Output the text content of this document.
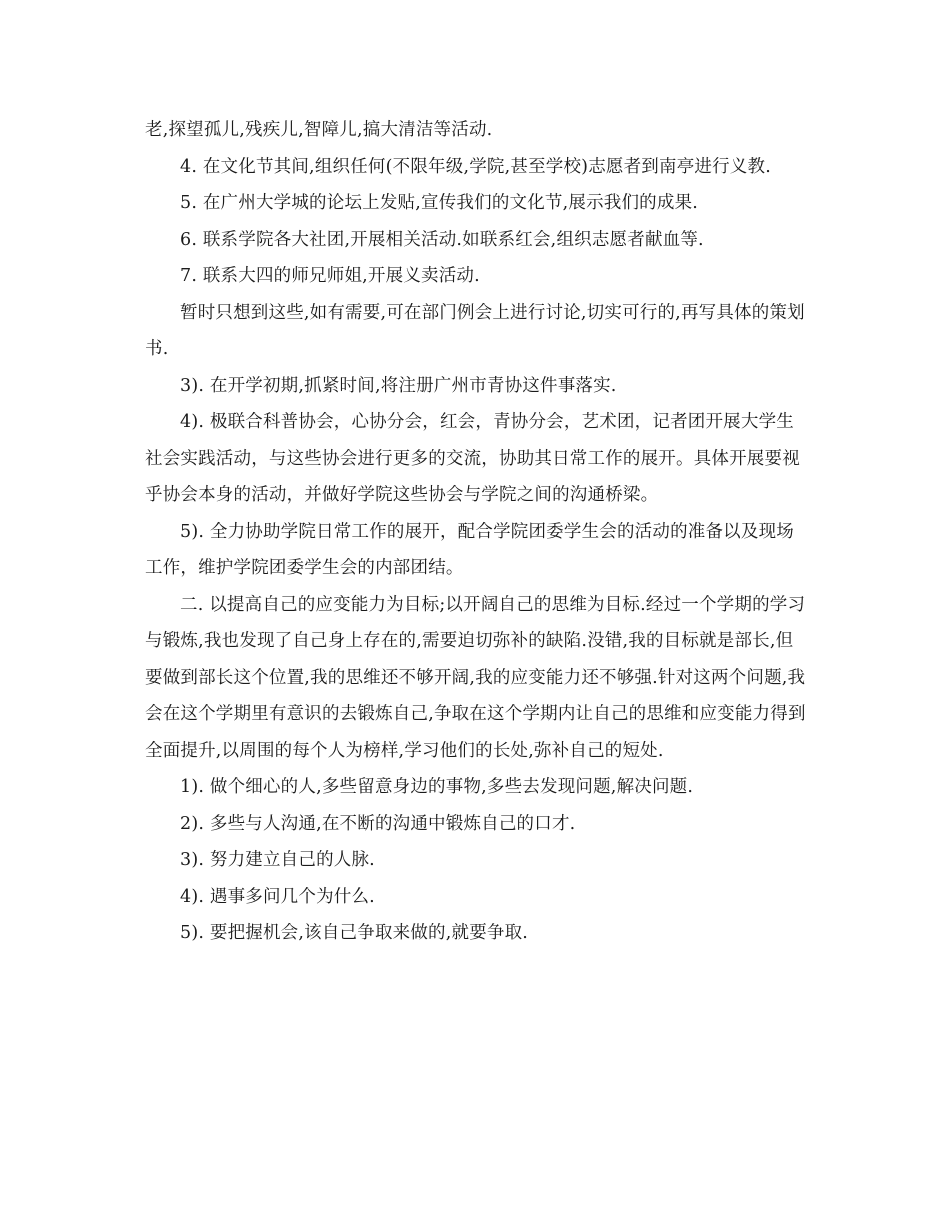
老,探望孤儿,残疾儿,智障儿,搞大清洁等活动.

4. 在文化节其间,组织任何(不限年级,学院,甚至学校)志愿者到南亭进行义教.

5. 在广州大学城的论坛上发贴,宣传我们的文化节,展示我们的成果.

6. 联系学院各大社团,开展相关活动.如联系红会,组织志愿者献血等.

7. 联系大四的师兄师姐,开展义卖活动.

暂时只想到这些,如有需要,可在部门例会上进行讨论,切实可行的,再写具体的策划书.

3). 在开学初期,抓紧时间,将注册广州市青协这件事落实.

4). 极联合科普协会，心协分会，红会，青协分会，艺术团，记者团开展大学生社会实践活动，与这些协会进行更多的交流，协助其日常工作的展开。具体开展要视乎协会本身的活动，并做好学院这些协会与学院之间的沟通桥梁。

5). 全力协助学院日常工作的展开，配合学院团委学生会的活动的准备以及现场工作，维护学院团委学生会的内部团结。

二. 以提高自己的应变能力为目标;以开阔自己的思维为目标.经过一个学期的学习与锻炼,我也发现了自己身上存在的,需要迫切弥补的缺陷.没错,我的目标就是部长,但要做到部长这个位置,我的思维还不够开阔,我的应变能力还不够强.针对这两个问题,我会在这个学期里有意识的去锻炼自己,争取在这个学期内让自己的思维和应变能力得到全面提升,以周围的每个人为榜样,学习他们的长处,弥补自己的短处.

1). 做个细心的人,多些留意身边的事物,多些去发现问题,解决问题.

2). 多些与人沟通,在不断的沟通中锻炼自己的口才.

3). 努力建立自己的人脉.

4). 遇事多问几个为什么.

5). 要把握机会,该自己争取来做的,就要争取.
